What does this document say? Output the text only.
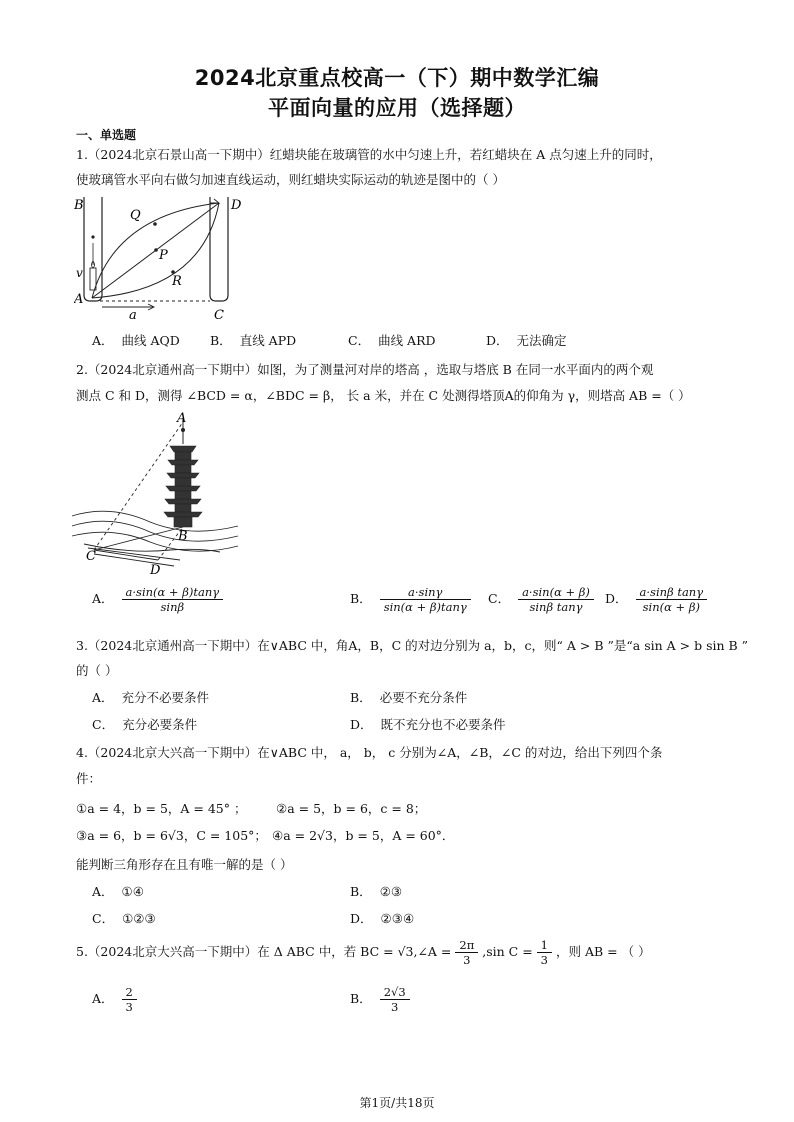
2024北京重点校高一（下）期中数学汇编
平面向量的应用（选择题）
一、单选题
1.（2024北京石景山高一下期中）红蜡块能在玻璃管的水中匀速上升，若红蜡块在 A 点匀速上升的同时，
使玻璃管水平向右做匀加速直线运动，则红蜡块实际运动的轨迹是图中的（ ）
B
Q
D
P
v
R
A
a	C
A． 曲线 AQD B． 直线 APD	C． 曲线 ARD	D． 无法确定
2.（2024北京通州高一下期中）如图，为了测量河对岸的塔高 ，选取与塔底 B 在同一水平面内的两个观
测点 C 和 D，测得 ∠BCD = α，∠BDC = β， 长 a 米，并在 C 处测得塔顶A的仰角为 γ，则塔高 AB =（ ）
A
B
C
D
A． $\frac{a\cdot\sin(\alpha + \beta)\tan\gamma}{\sin\beta}$	B． $\frac{a\cdot\sin\gamma}{\sin(\alpha + \beta)\tan\gamma}$ C． $\frac{a\cdot\sin(\alpha + \beta)}{\text{sinβ tanγ}}$ D． $\frac{\text{a·sinβ tanγ}}{\sin(\alpha + \beta)}$
3.（2024北京通州高一下期中）在∨ABC 中，角A，B，C 的对边分别为 a，b，c，则“ A > B ”是“a sin A > b sin B ”
的（ ）
A． 充分不必要条件	B． 必要不充分条件
C． 充分必要条件	D． 既不充分也不必要条件
4.（2024北京大兴高一下期中）在∨ABC 中， a， b， c 分别为∠A，∠B，∠C 的对边，给出下列四个条
件：
①a = 4，b = 5，A = 45° ； ②a = 5，b = 6，c = 8；
③a = 6，b = 6√3，C = 105°； ④a = 2√3，b = 5，A = 60°．
能判断三角形存在且有唯一解的是（ ）
A． ①④	B． ②③
C． ①②③	D． ②③④
5.（2024北京大兴高一下期中）在 Δ ABC 中，若 BC = √3,∠A = $\frac{2\pi}{3} ,\sin$ $C = \frac{1}{3}$ ，则 AB = （ ）
A． $\frac{2}{3}$	B． $\frac{2√3}{3}$
第1页/共18页
